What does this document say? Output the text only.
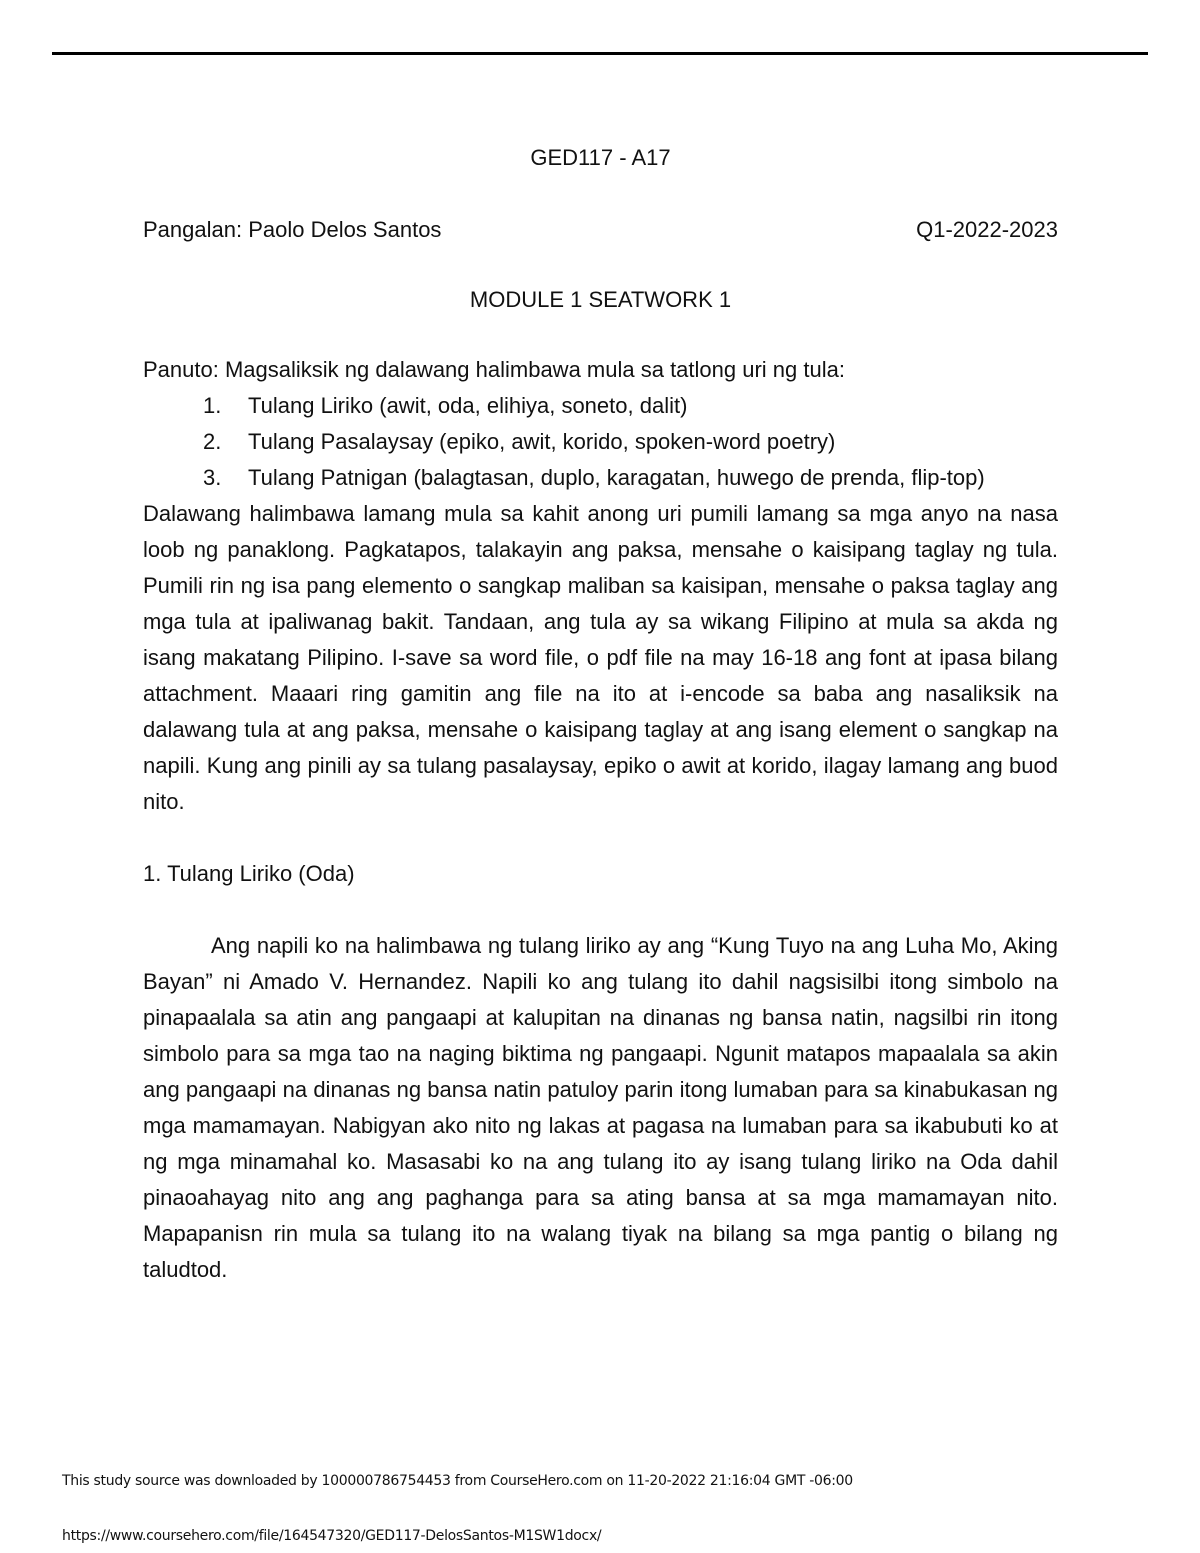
GED117 - A17
Pangalan: Paolo Delos Santos	Q1-2022-2023
MODULE 1 SEATWORK 1
Panuto: Magsaliksik ng dalawang halimbawa mula sa tatlong uri ng tula:
1.	Tulang Liriko (awit, oda, elihiya, soneto, dalit)
2.	Tulang Pasalaysay (epiko, awit, korido, spoken-word poetry)
3.	Tulang Patnigan (balagtasan, duplo, karagatan, huwego de prenda, flip-top)

Dalawang halimbawa lamang mula sa kahit anong uri pumili lamang sa mga anyo na nasa loob ng panaklong. Pagkatapos, talakayin ang paksa, mensahe o kaisipang taglay ng tula. Pumili rin ng isa pang elemento o sangkap maliban sa kaisipan, mensahe o paksa taglay ang mga tula at ipaliwanag bakit. Tandaan, ang tula ay sa wikang Filipino at mula sa akda ng isang makatang Pilipino. I-save sa word file, o pdf file na may 16-18 ang font at ipasa bilang attachment. Maaari ring gamitin ang file na ito at i-encode sa baba ang nasaliksik na dalawang tula at ang paksa, mensahe o kaisipang taglay at ang isang element o sangkap na napili. Kung ang pinili ay sa tulang pasalaysay, epiko o awit at korido, ilagay lamang ang buod nito.

1. Tulang Liriko (Oda)

Ang napili ko na halimbawa ng tulang liriko ay ang “Kung Tuyo na ang Luha Mo, Aking Bayan” ni Amado V. Hernandez. Napili ko ang tulang ito dahil nagsisilbi itong simbolo na pinapaalala sa atin ang pangaapi at kalupitan na dinanas ng bansa natin, nagsilbi rin itong simbolo para sa mga tao na naging biktima ng pangaapi. Ngunit matapos mapaalala sa akin ang pangaapi na dinanas ng bansa natin patuloy parin itong lumaban para sa kinabukasan ng mga mamamayan. Nabigyan ako nito ng lakas at pagasa na lumaban para sa ikabubuti ko at ng mga minamahal ko. Masasabi ko na ang tulang ito ay isang tulang liriko na Oda dahil pinaoahayag nito ang ang paghanga para sa ating bansa at sa mga mamamayan nito. Mapapanisn rin mula sa tulang ito na walang tiyak na bilang sa mga pantig o bilang ng taludtod.

This study source was downloaded by 100000786754453 from CourseHero.com on 11-20-2022 21:16:04 GMT -06:00
https://www.coursehero.com/file/164547320/GED117-DelosSantos-M1SW1docx/
